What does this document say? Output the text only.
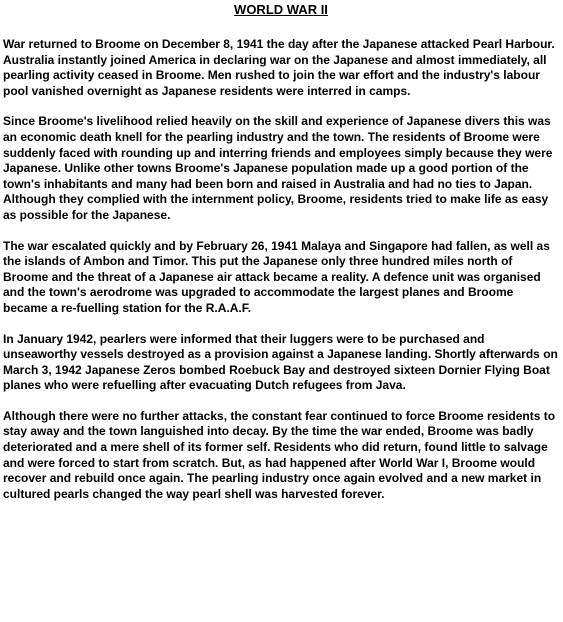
WORLD WAR II

War returned to Broome on December 8, 1941 the day after the Japanese attacked Pearl Harbour. Australia instantly joined America in declaring war on the Japanese and almost immediately, all pearling activity ceased in Broome. Men rushed to join the war effort and the industry's labour pool vanished overnight as Japanese residents were interred in camps.

Since Broome's livelihood relied heavily on the skill and experience of Japanese divers this was an economic death knell for the pearling industry and the town. The residents of Broome were suddenly faced with rounding up and interring friends and employees simply because they were Japanese. Unlike other towns Broome's Japanese population made up a good portion of the town's inhabitants and many had been born and raised in Australia and had no ties to Japan. Although they complied with the internment policy, Broome, residents tried to make life as easy as possible for the Japanese.

The war escalated quickly and by February 26, 1941 Malaya and Singapore had fallen, as well as the islands of Ambon and Timor. This put the Japanese only three hundred miles north of Broome and the threat of a Japanese air attack became a reality. A defence unit was organised and the town's aerodrome was upgraded to accommodate the largest planes and Broome became a re-fuelling station for the R.A.A.F.

In January 1942, pearlers were informed that their luggers were to be purchased and unseaworthy vessels destroyed as a provision against a Japanese landing. Shortly afterwards on March 3, 1942 Japanese Zeros bombed Roebuck Bay and destroyed sixteen Dornier Flying Boat planes who were refuelling after evacuating Dutch refugees from Java.

Although there were no further attacks, the constant fear continued to force Broome residents to stay away and the town languished into decay. By the time the war ended, Broome was badly deteriorated and a mere shell of its former self. Residents who did return, found little to salvage and were forced to start from scratch. But, as had happened after World War I, Broome would recover and rebuild once again. The pearling industry once again evolved and a new market in cultured pearls changed the way pearl shell was harvested forever.
